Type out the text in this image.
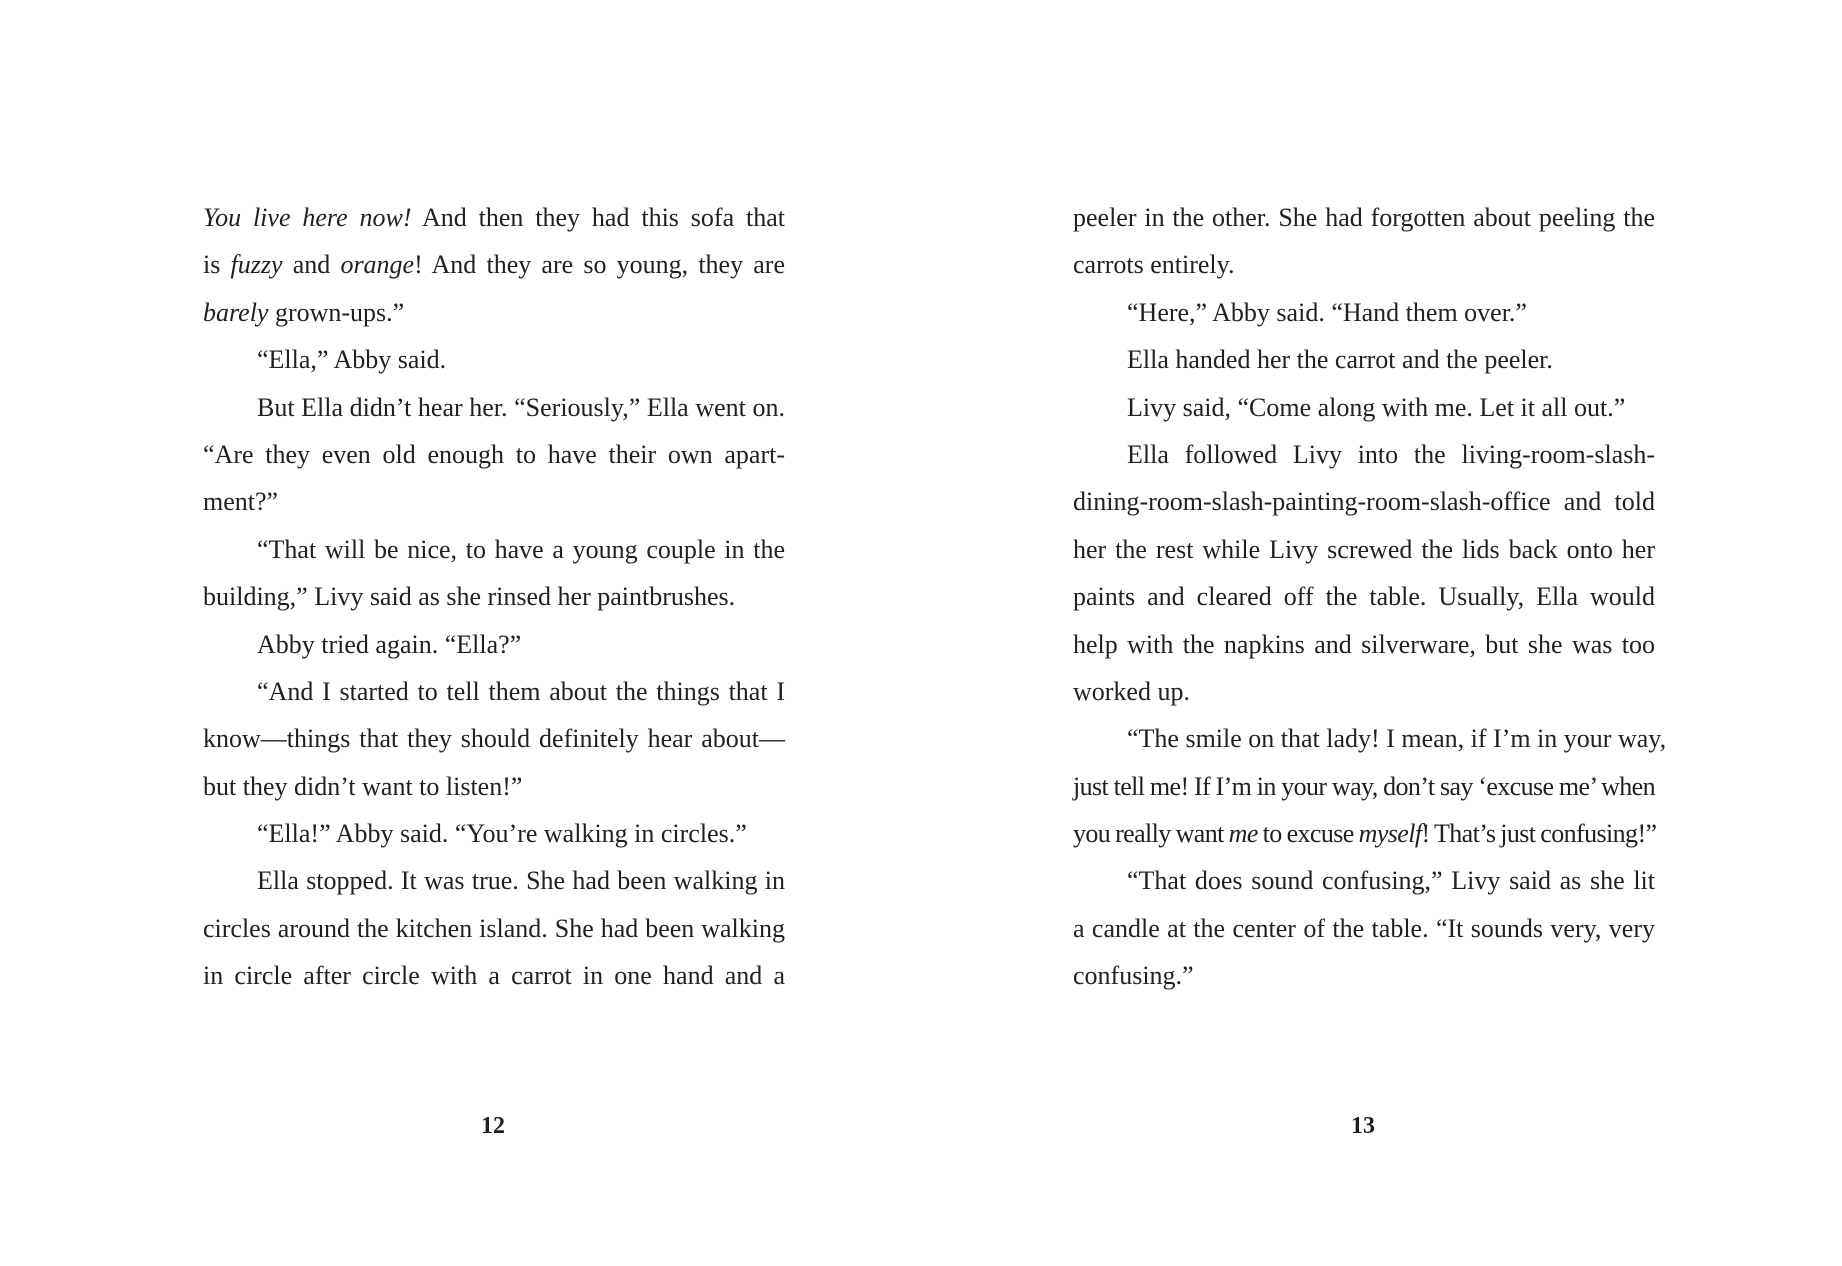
You live here now! And then they had this sofa that
is fuzzy and orange! And they are so young, they are
barely grown-ups.”
“Ella,” Abby said.
But Ella didn’t hear her. “Seriously,” Ella went on.
“Are they even old enough to have their own apart-
ment?”
“That will be nice, to have a young couple in the
building,” Livy said as she rinsed her paintbrushes.
Abby tried again. “Ella?”
“And I started to tell them about the things that I
know—things that they should definitely hear about—
but they didn’t want to listen!”
“Ella!” Abby said. “You’re walking in circles.”
Ella stopped. It was true. She had been walking in
circles around the kitchen island. She had been walking
in circle after circle with a carrot in one hand and a
12
peeler in the other. She had forgotten about peeling the
carrots entirely.
“Here,” Abby said. “Hand them over.”
Ella handed her the carrot and the peeler.
Livy said, “Come along with me. Let it all out.”
Ella followed Livy into the living-room-slash-
dining-room-slash-painting-room-slash-office and told
her the rest while Livy screwed the lids back onto her
paints and cleared off the table. Usually, Ella would
help with the napkins and silverware, but she was too
worked up.
“The smile on that lady! I mean, if I’m in your way,
just tell me! If I’m in your way, don’t say ‘excuse me’ when
you really want me to excuse myself! That’s just confusing!”
“That does sound confusing,” Livy said as she lit
a candle at the center of the table. “It sounds very, very
confusing.”
13
